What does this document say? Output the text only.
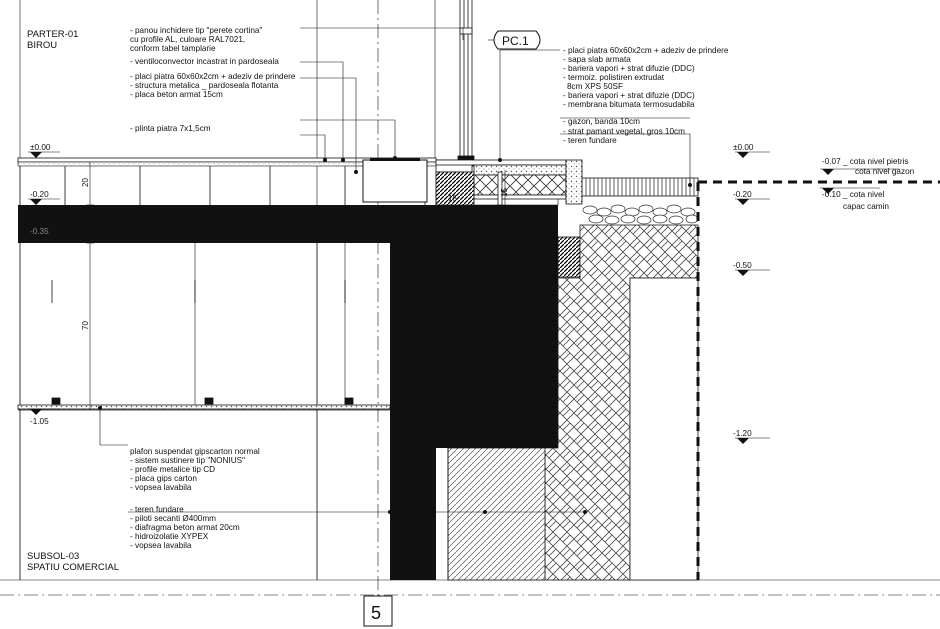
PC.1
5
PARTER-01
BIROU
SUBSOL-03
SPATIU COMERCIAL
- panou inchidere tip "perete cortina"
cu profile AL, culoare RAL7021,
conform tabel tamplarie
- ventiloconvector incastrat in pardoseala
- placi piatra 60x60x2cm + adeziv de prindere
- structura metalica _ pardoseala flotanta
- placa beton armat 15cm
- plinta piatra 7x1,5cm
- placi piatra 60x60x2cm + adeziv de prindere
- sapa slab armata
- bariera vapori + strat difuzie (DDC)
- termoiz. polistiren extrudat
8cm XPS 50SF
- bariera vapori + strat difuzie (DDC)
- membrana bitumata termosudabila
- gazon, banda 10cm
- strat pamant vegetal, gros 10cm
- teren fundare
plafon suspendat gipscarton normal
- sistem sustinere tip "NONIUS"
- profile metalice tip CD
- placa gips carton
- vopsea lavabila
- teren fundare
- piloti secanti Ø400mm
- diafragma beton armat 20cm
- hidroizolatie XYPEX
- vopsea lavabila
±0.00
-0.20
-0.35
-1.05
±0.00
-0.20
-0.50
-1.20
-0.07 _ cota nivel pietris
cota nivel gazon
-0.10 _ cota nivel
capac camin
20
15
70
20	50
70
20
15
15
